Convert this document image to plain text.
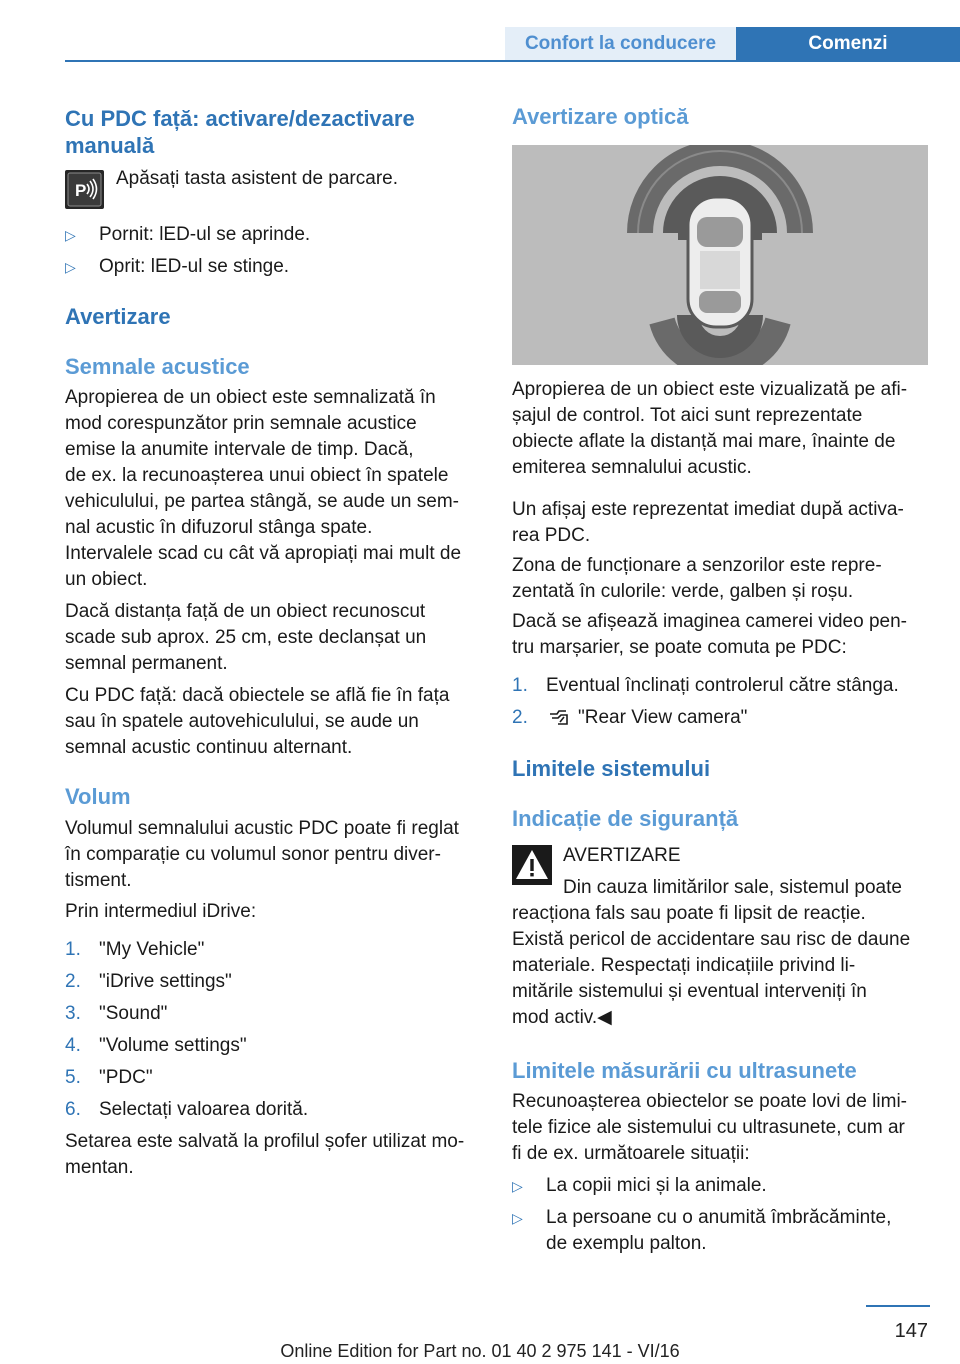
Confort la conducere	Comenzi
Cu PDC față: activare/dezactivare
manuală
P
Apăsați tasta asistent de parcare.
▷ Pornit: lED-ul se aprinde.
▷ Oprit: lED-ul se stinge.
Avertizare
Semnale acustice
Apropierea de un obiect este semnalizată în
mod corespunzător prin semnale acustice
emise la anumite intervale de timp. Dacă,
de ex. la recunoașterea unui obiect în spatele
vehiculului, pe partea stângă, se aude un sem‐
nal acustic în difuzorul stânga spate.
Intervalele scad cu cât vă apropiați mai mult de
un obiect.
Dacă distanța față de un obiect recunoscut
scade sub aprox. 25 cm, este declanșat un
semnal permanent.
Cu PDC față: dacă obiectele se află fie în fața
sau în spatele autovehiculului, se aude un
semnal acustic continuu alternant.
Volum
Volumul semnalului acustic PDC poate fi reglat
în comparație cu volumul sonor pentru diver‐
tisment.
Prin intermediul iDrive:
1. "My Vehicle"
2. "iDrive settings"
3. "Sound"
4. "Volume settings"
5. "PDC"
6. Selectați valoarea dorită.
Setarea este salvată la profilul șofer utilizat mo‐
mentan.
Avertizare optică
Apropierea de un obiect este vizualizată pe afi‐
șajul de control. Tot aici sunt reprezentate
obiecte aflate la distanță mai mare, înainte de
emiterea semnalului acustic.
Un afișaj este reprezentat imediat după activa‐
rea PDC.
Zona de funcționare a senzorilor este repre‐
zentată în culorile: verde, galben și roșu.
Dacă se afișează imaginea camerei video pen‐
tru marșarier, se poate comuta pe PDC:
1. Eventual înclinați controlerul către stânga.
2.	"Rear View camera"
Limitele sistemului
Indicație de siguranță
AVERTIZARE
Din cauza limitărilor sale, sistemul poate
reacționa fals sau poate fi lipsit de reacție.
Există pericol de accidentare sau risc de daune
materiale. Respectați indicațiile privind li‐
mitările sistemului și eventual interveniți în
mod activ.◀
Limitele măsurării cu ultrasunete
Recunoașterea obiectelor se poate lovi de limi‐
tele fizice ale sistemului cu ultrasunete, cum ar
fi de ex. următoarele situații:
▷ La copii mici și la animale.
▷ La persoane cu o anumită îmbrăcăminte,
de exemplu palton.
147
Online Edition for Part no. 01 40 2 975 141 - VI/16
